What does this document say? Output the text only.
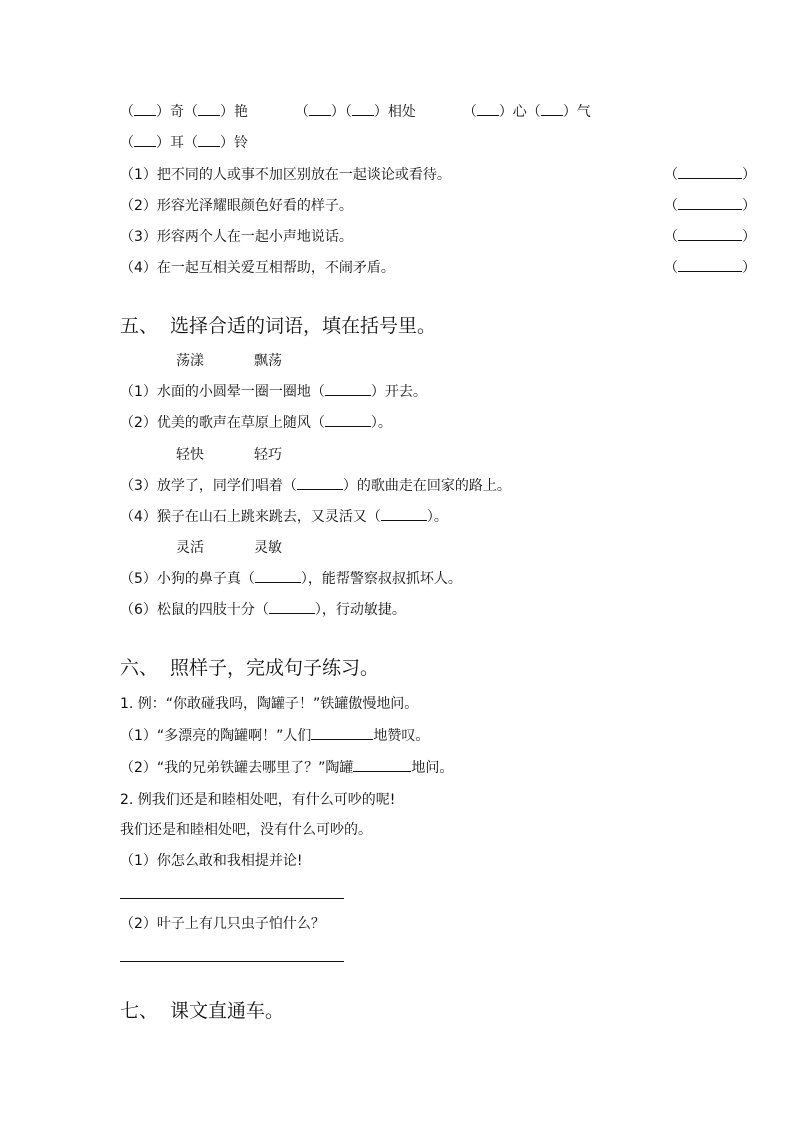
（ ）奇（ ）艳	（ ）（ ）相处	（ ）心（ ）气
（ ）耳（ ）铃
（1）把不同的人或事不加区别放在一起谈论或看待。	（	）
（2）形容光泽耀眼颜色好看的样子。	（	）
（3）形容两个人在一起小声地说话。	（	）
（4）在一起互相关爱互相帮助，不闹矛盾。	（	）
五、 选择合适的词语，填在括号里。
荡漾	飘荡
（1）水面的小圆晕一圈一圈地（	）开去。
（2）优美的歌声在草原上随风（	）。
轻快	轻巧
（3）放学了，同学们唱着（	）的歌曲走在回家的路上。
（4）猴子在山石上跳来跳去，又灵活又（	）。
灵活	灵敏
（5）小狗的鼻子真（	），能帮警察叔叔抓坏人。
（6）松鼠的四肢十分（	），行动敏捷。
六、 照样子，完成句子练习。
1. 例：“你敢碰我吗，陶罐子！”铁罐傲慢地问。
（1）“多漂亮的陶罐啊！”人们	地赞叹。
（2）“我的兄弟铁罐去哪里了？”陶罐	地问。
2. 例我们还是和睦相处吧，有什么可吵的呢!
我们还是和睦相处吧，没有什么可吵的。
（1）你怎么敢和我相提并论!
（2）叶子上有几只虫子怕什么？
七、 课文直通车。
